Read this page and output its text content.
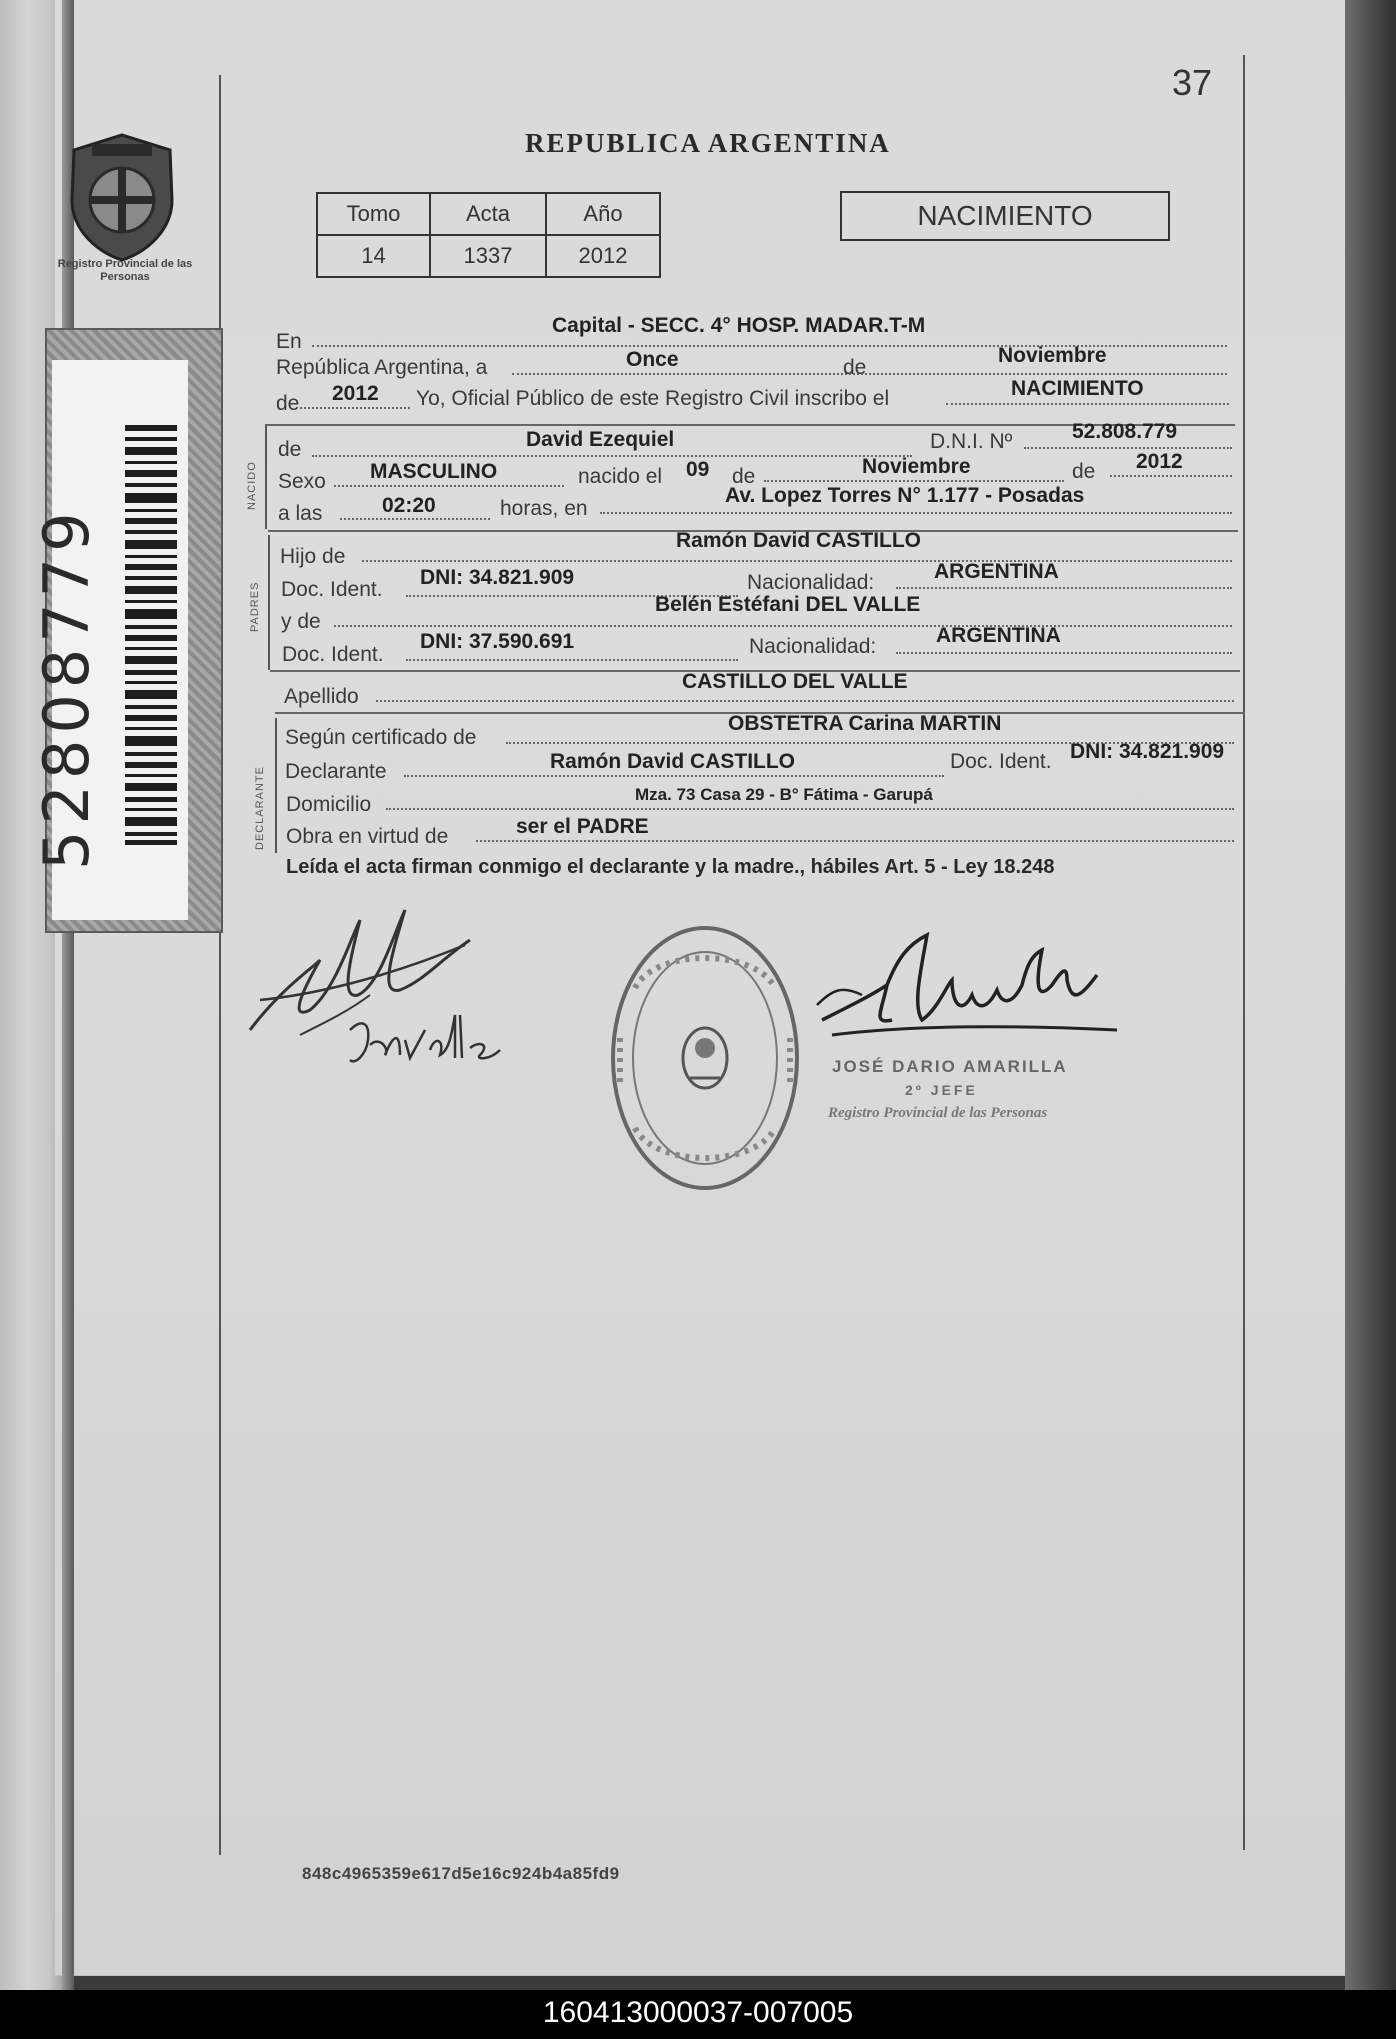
Registro Provincial de las Personas
52808779
37
REPUBLICA ARGENTINA
Tomo	Acta	Año
14	1337	2012
NACIMIENTO
En
Capital - SECC. 4° HOSP. MADAR.T-M
República Argentina, a	Once	de
Noviembre
de 2012 Yo, Oficial Público de este Registro Civil inscribo el	NACIMIENTO
NACIDO
de	David Ezequiel	D.N.I. Nº	52.808.779
Sexo MASCULINO	nacido el 09 de	Noviembre	de 2012
a las	02:20	horas, en
Av. Lopez Torres N° 1.177 - Posadas
PADRES
Hijo de
Ramón David CASTILLO
Doc. Ident.
DNI: 34.821.909	Nacionalidad:	ARGENTINA
y de
Belén Estéfani DEL VALLE
Doc. Ident.
DNI: 37.590.691	Nacionalidad:	ARGENTINA
Apellido
CASTILLO DEL VALLE
DECLARANTE
Según certificado de
OBSTETRA Carina MARTIN
Declarante	Ramón David CASTILLO	Doc. Ident. DNI: 34.821.909
Domicilio	Mza. 73 Casa 29 - B° Fátima - Garupá
Obra en virtud de	ser el PADRE
Leída el acta firman conmigo el declarante y la madre., hábiles Art. 5 - Ley 18.248
JOSÉ DARIO AMARILLA
2º JEFE
Registro Provincial de las Personas
848c4965359e617d5e16c924b4a85fd9
160413000037-007005
